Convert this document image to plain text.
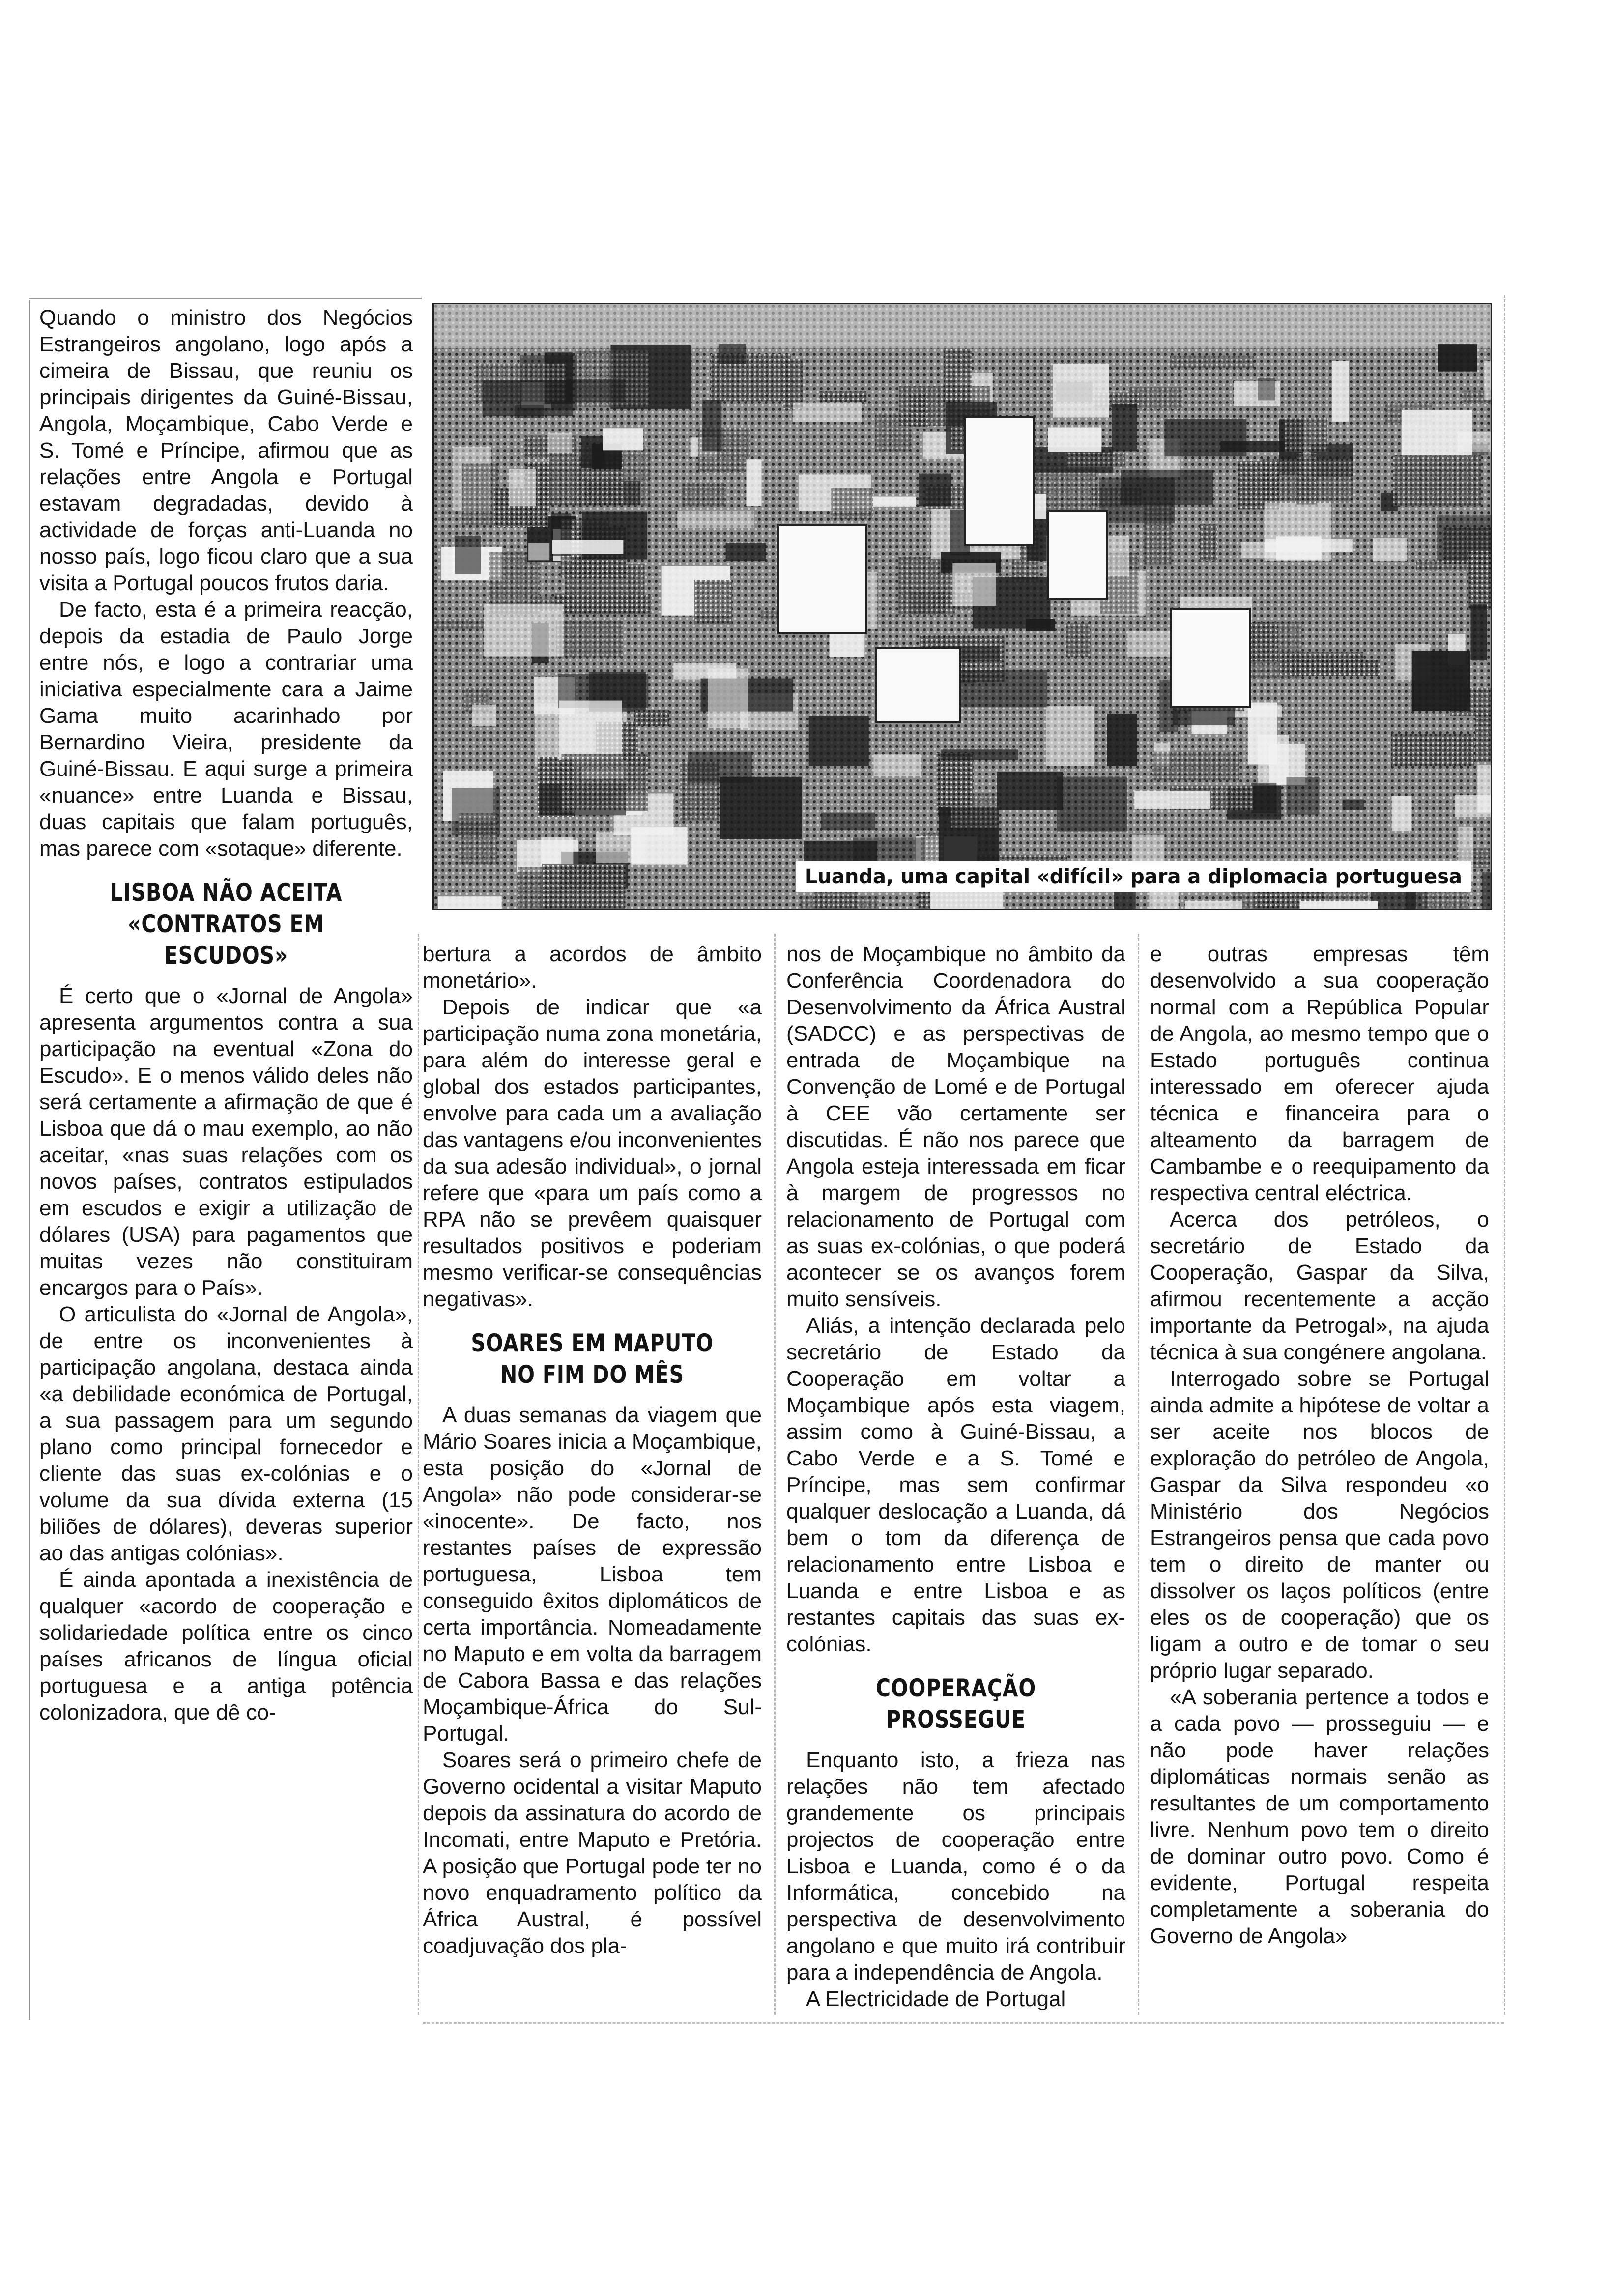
Luanda, uma capital «difícil» para a diplomacia portuguesa

Quando o ministro dos Negócios Estrangeiros angolano, logo após a cimeira de Bissau, que reuniu os principais dirigentes da Guiné-Bissau, Angola, Moçambique, Cabo Verde e S. Tomé e Príncipe, afirmou que as relações entre Angola e Portugal estavam degradadas, devido à actividade de forças anti-Luanda no nosso país, logo ficou claro que a sua visita a Portugal poucos frutos daria.

De facto, esta é a primeira reacção, depois da estadia de Paulo Jorge entre nós, e logo a contrariar uma iniciativa especialmente cara a Jaime Gama muito acarinhado por Bernardino Vieira, presidente da Guiné-Bissau. E aqui surge a primeira «nuance» entre Luanda e Bissau, duas capitais que falam português, mas parece com «sotaque» diferente.

LISBOA NÃO ACEITA «CONTRATOS EM ESCUDOS»

É certo que o «Jornal de Angola» apresenta argumentos contra a sua participação na eventual «Zona do Escudo». E o menos válido deles não será certamente a afirmação de que é Lisboa que dá o mau exemplo, ao não aceitar, «nas suas relações com os novos países, contratos estipulados em escudos e exigir a utilização de dólares (USA) para pagamentos que muitas vezes não constituiram encargos para o País».

O articulista do «Jornal de Angola», de entre os inconvenientes à participação angolana, destaca ainda «a debilidade económica de Portugal, a sua passagem para um segundo plano como principal fornecedor e cliente das suas ex-colónias e o volume da sua dívida externa (15 biliões de dólares), deveras superior ao das antigas colónias».

É ainda apontada a inexistência de qualquer «acordo de cooperação e solidariedade política entre os cinco países africanos de língua oficial portuguesa e a antiga potência colonizadora, que dê co-

bertura a acordos de âmbito monetário».

Depois de indicar que «a participação numa zona monetária, para além do interesse geral e global dos estados participantes, envolve para cada um a avaliação das vantagens e/ou inconvenientes da sua adesão individual», o jornal refere que «para um país como a RPA não se prevêem quaisquer resultados positivos e poderiam mesmo verificar-se consequências negativas».

SOARES EM MAPUTO NO FIM DO MÊS

A duas semanas da viagem que Mário Soares inicia a Moçambique, esta posição do «Jornal de Angola» não pode considerar-se «inocente». De facto, nos restantes países de expressão portuguesa, Lisboa tem conseguido êxitos diplomáticos de certa importância. Nomeadamente no Maputo e em volta da barragem de Cabora Bassa e das relações Moçambique-África do Sul-Portugal.

Soares será o primeiro chefe de Governo ocidental a visitar Maputo depois da assinatura do acordo de Incomati, entre Maputo e Pretória. A posição que Portugal pode ter no novo enquadramento político da África Austral, é possível coadjuvação dos pla-

nos de Moçambique no âmbito da Conferência Coordenadora do Desenvolvimento da África Austral (SADCC) e as perspectivas de entrada de Moçambique na Convenção de Lomé e de Portugal à CEE vão certamente ser discutidas. É não nos parece que Angola esteja interessada em ficar à margem de progressos no relacionamento de Portugal com as suas ex-colónias, o que poderá acontecer se os avanços forem muito sensíveis.

Aliás, a intenção declarada pelo secretário de Estado da Cooperação em voltar a Moçambique após esta viagem, assim como à Guiné-Bissau, a Cabo Verde e a S. Tomé e Príncipe, mas sem confirmar qualquer deslocação a Luanda, dá bem o tom da diferença de relacionamento entre Lisboa e Luanda e entre Lisboa e as restantes capitais das suas ex-colónias.

COOPERAÇÃO PROSSEGUE

Enquanto isto, a frieza nas relações não tem afectado grandemente os principais projectos de cooperação entre Lisboa e Luanda, como é o da Informática, concebido na perspectiva de desenvolvimento angolano e que muito irá contribuir para a independência de Angola.

A Electricidade de Portugal

e outras empresas têm desenvolvido a sua cooperação normal com a República Popular de Angola, ao mesmo tempo que o Estado português continua interessado em oferecer ajuda técnica e financeira para o alteamento da barragem de Cambambe e o reequipamento da respectiva central eléctrica.

Acerca dos petróleos, o secretário de Estado da Cooperação, Gaspar da Silva, afirmou recentemente a acção importante da Petrogal», na ajuda técnica à sua congénere angolana.

Interrogado sobre se Portugal ainda admite a hipótese de voltar a ser aceite nos blocos de exploração do petróleo de Angola, Gaspar da Silva respondeu «o Ministério dos Negócios Estrangeiros pensa que cada povo tem o direito de manter ou dissolver os laços políticos (entre eles os de cooperação) que os ligam a outro e de tomar o seu próprio lugar separado.

«A soberania pertence a todos e a cada povo — prosseguiu — e não pode haver relações diplomáticas normais senão as resultantes de um comportamento livre. Nenhum povo tem o direito de dominar outro povo. Como é evidente, Portugal respeita completamente a soberania do Governo de Angola»
